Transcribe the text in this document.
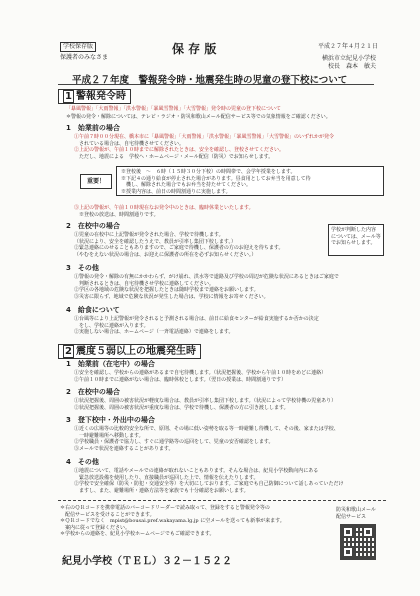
学校保存版
保護者のみなさま
保 存 版	平成２７年４月２１日
横浜市立紀見小学校
校長　森本　敏夫
平成２７年度　警報発令時・地震発生時の児童の登下校について
1 警報発令時
「暴風警報」「大雨警報」「洪水警報」「暴風雪警報」「大雪警報」発令時の児童の登下校について
＊警報の発令・解除については、テレビ・ラジオ・防災和歌山メール配信サービス等での気象情報をご確認ください。
1　 始業前の場合
①午前７時００分現在、橋本市に「暴風警報」「大雨警報」「洪水警報」「暴風雪警報」「大雪警報」のいずれかが発令
　されている場合は、自宅待機させてください。
②上記の警報が、午前１０時までに解除されたときは、安全を確認し、登校させてください。
　ただし、地震による　学校へ・ホームページ・メール配信（防災）でお知らせします。
※登校後　～　６時（１５時３０分下校）の時間帯で、会学年授業をします。
※下記４の通り給食が停止された場合があります。昼食用としてお弁当を用意して待
　機し、解除された場合でもお弁当を持たせてください。
※授業内容は、前日の時間割通りに実施します。
重要！
③上記の警報が、午前１０時現在なお発令中のときは、臨時休業といたします。
　※登校の放送は、時間割通りです。
2　 在校中の場合
①児童の在校中に上記警報が発令された場合、学校で待機します。
（状況により、安全を確認したうえで、教員が引率し集団下校します。）
②緊急連絡にのせることもありますので、ご家庭で待機し、保護者の方のお迎えを待ちます。
（やむをえない状況の場合は、お迎えに保護者の所在を必ずお知らせください。）
学校が判断した内容については、メール等でお知らせします。
3　 その他
①警報の発令・解除の有無にかかわらず、がけ崩れ、洪水等で道路及び学校の周辺が危険な状況にあるときはご家庭で
　判断されるときは、自宅待機させ学校に連絡してください。
②学区の各地域の危険な状況を把握したときは随時学校まで連絡をお願いします。
③災害に限らず、地域で危険な状況が発生した場合は、学校に情報をお寄せください。
4　 給食について
①台風等により上記警報が発令されると予測される場合は、前日に給食センターが給食実施するか否かの決定
　をし、学校に連絡が入ります。
②実施しない場合は、ホームページ（一斉電話連絡）で連絡をします。
2 震度５弱以上の地震発生時
1　 始業前（在宅中）の場合
①安全を確認し、学校からの連絡があるまで自宅待機します。（状況把握後、学校から午前１０時をめどに連絡）
②午前１０時までに連絡がない場合は、臨時休校とします。（翌日の授業は、時間割通りです）
2　 在校中の場合
①状況把握後、周囲の被害状況が軽度な場合は、教員が引率し集団下校します。（状況によって学校待機の児童あり）
②状況把握後、周囲の被害状況が重度な場合は、学校で待機し、保護者の方に引き渡しします。
3　 登下校中・外出中の場合
①近くの広場等の比較的安全な所で、原則、その場に低い姿勢を取る等一時避難し待機して、その後、家または学校、
　一時避難場所へ移動します。
②学校職員・保護者で協力し、すぐに通学路等の巡回をして、児童の安否確認をします。
③メールで状況を連絡することがあります。
4　 その他
①地震について、電話やメールでの連絡が取れないこともあります。そんな場合は、紀見小学校動向内にある
　緊急放送設備を使用したり、直接職員が巡回した上で、情報を伝えたりします。
②学校で安全確保（防災・防犯・交通安全等）を大切にしております。ご家庭でも自己防御について話しあっていただけ
　ますし、また、避難場所・連絡方法等を家族でも十分確認をお願いします。
＊右のＱＲコードを携帯電話のバーコードリーダーで読み取って、登録をすると警報発令等の
　配信サービスを受けることができます。
＊ＱＲコードでなく　mpist@bousai.pref.wakayama.lg.jp に空メールを送っても新事が来ます。
　案内に従って登録ください。
＊学校からの連絡を、紀見小学校ホームページでもご確認できます。
防災和歌山メール
配信サービス
紀見小学校（ＴＥＬ）３２－１５２２
